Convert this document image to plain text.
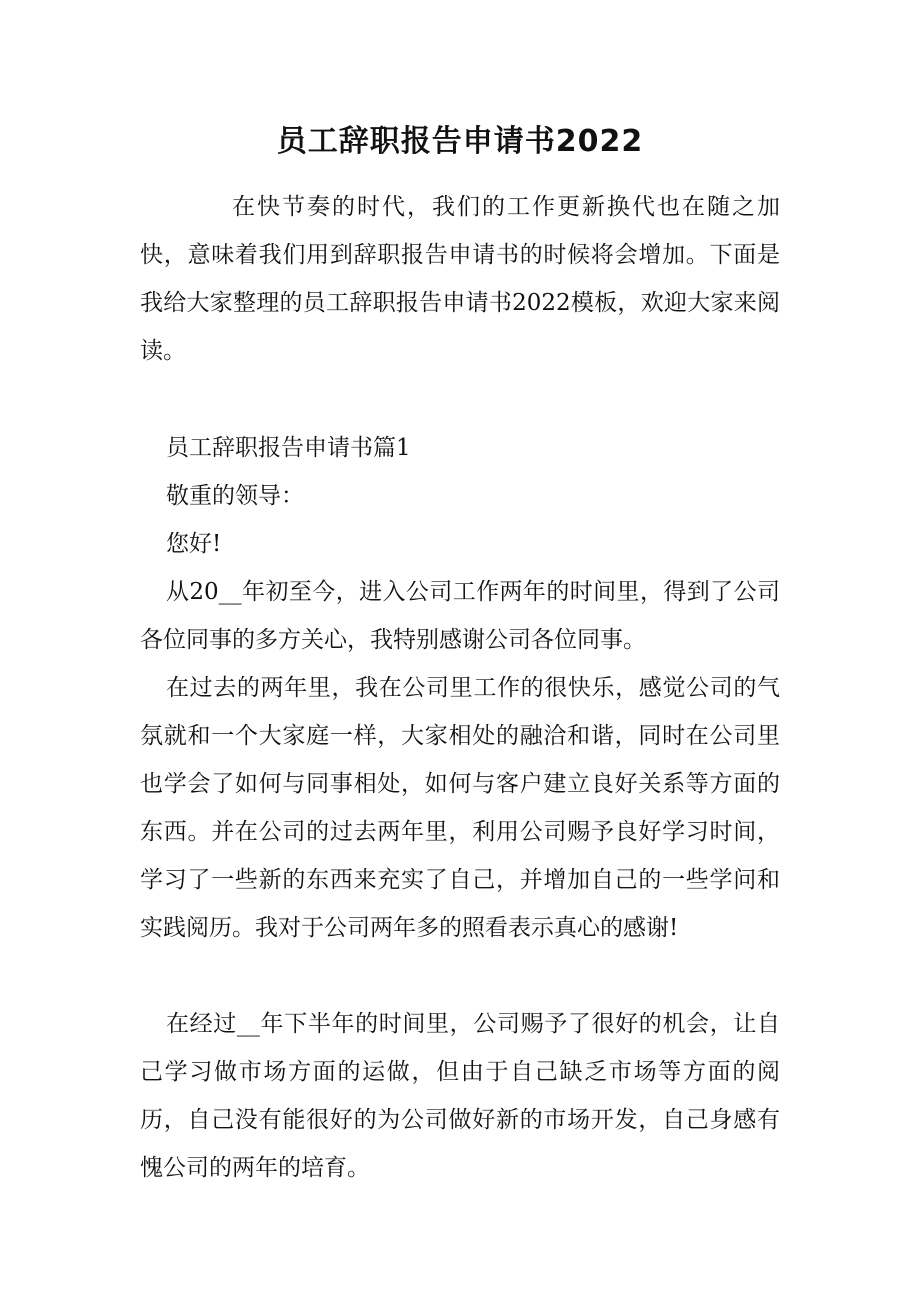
员工辞职报告申请书2022

在快节奏的时代，我们的工作更新换代也在随之加快，意味着我们用到辞职报告申请书的时候将会增加。下面是我给大家整理的员工辞职报告申请书2022模板，欢迎大家来阅读。

员工辞职报告申请书篇1

敬重的领导：

您好!

从20__年初至今，进入公司工作两年的时间里，得到了公司各位同事的多方关心，我特别感谢公司各位同事。

在过去的两年里，我在公司里工作的很快乐，感觉公司的气氛就和一个大家庭一样，大家相处的融洽和谐，同时在公司里也学会了如何与同事相处，如何与客户建立良好关系等方面的东西。并在公司的过去两年里，利用公司赐予良好学习时间，学习了一些新的东西来充实了自己，并增加自己的一些学问和实践阅历。我对于公司两年多的照看表示真心的感谢!

在经过__年下半年的时间里，公司赐予了很好的机会，让自己学习做市场方面的运做，但由于自己缺乏市场等方面的阅历，自己没有能很好的为公司做好新的市场开发，自己身感有愧公司的两年的培育。
